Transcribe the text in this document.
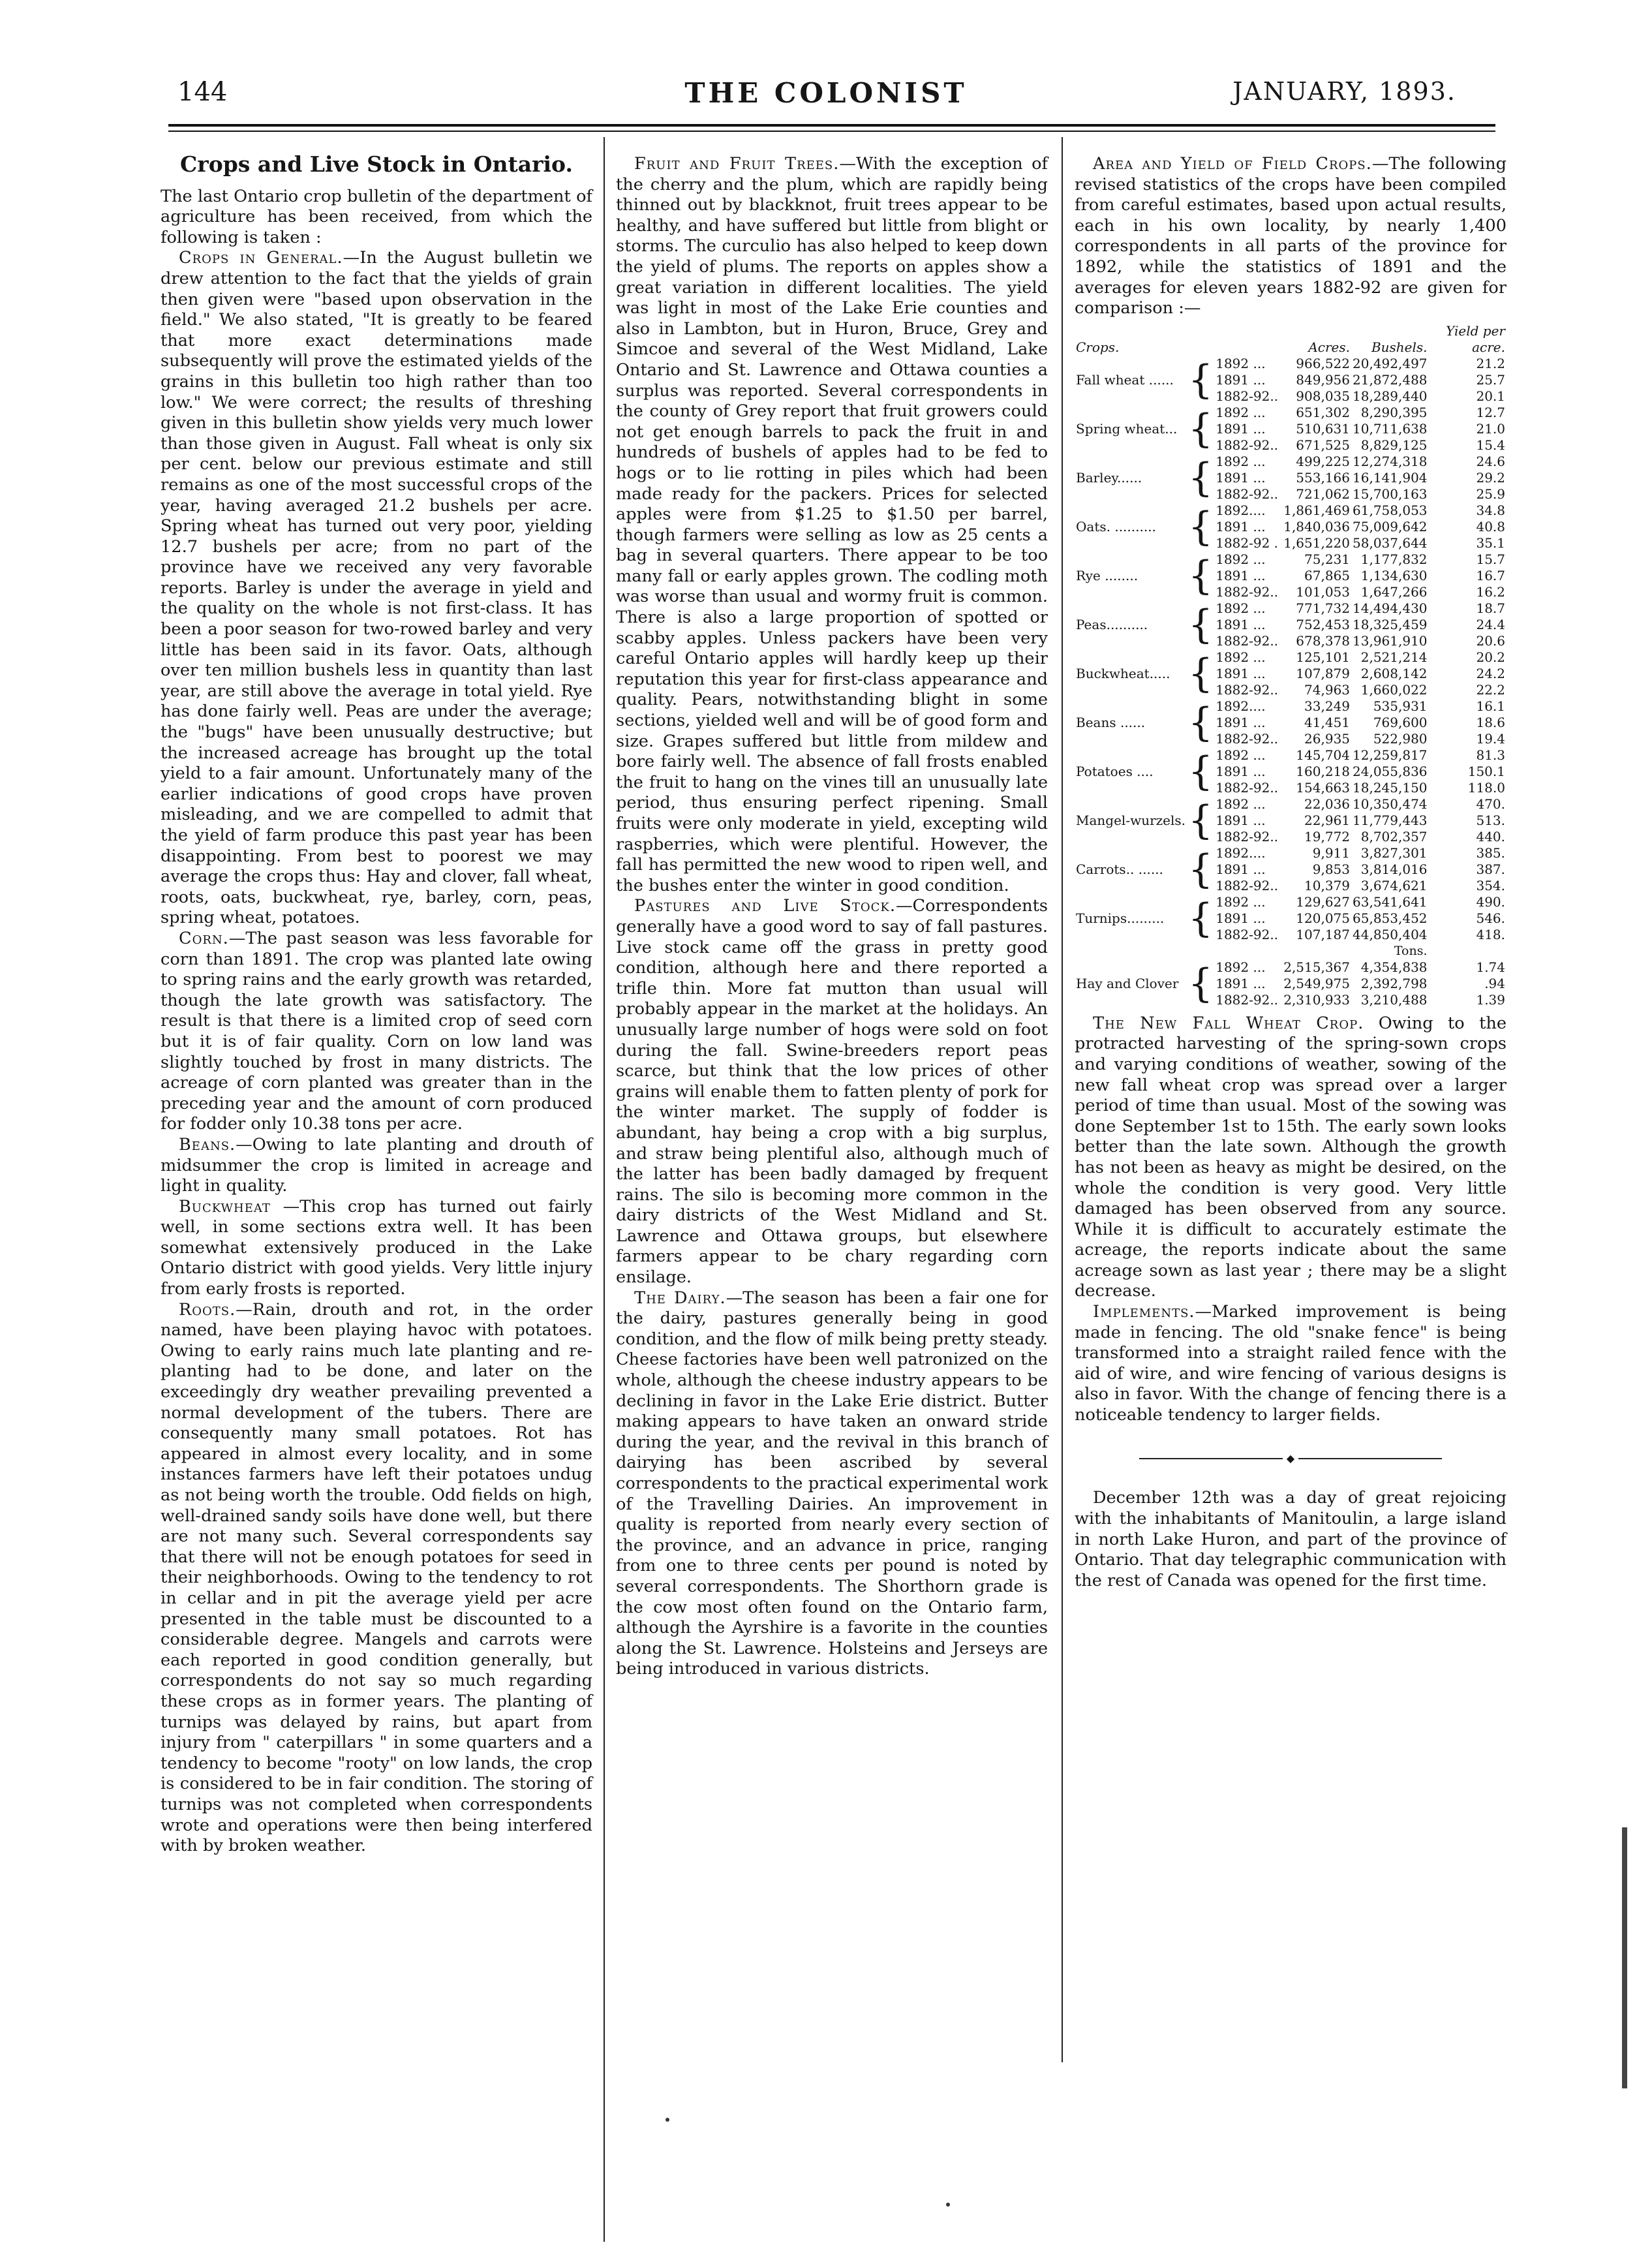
144	THE COLONIST	JANUARY, 1893.
Crops and Live Stock in Ontario.

The last Ontario crop bulletin of the department of agriculture has been received, from which the following is taken :

Crops in General.—In the August bulletin we drew attention to the fact that the yields of grain then given were "based upon observation in the field." We also stated, "It is greatly to be feared that more exact determinations made subsequently will prove the estimated yields of the grains in this bulletin too high rather than too low." We were correct; the results of threshing given in this bulletin show yields very much lower than those given in August. Fall wheat is only six per cent. below our previous estimate and still remains as one of the most successful crops of the year, having averaged 21.2 bushels per acre. Spring wheat has turned out very poor, yielding 12.7 bushels per acre; from no part of the province have we received any very favorable reports. Barley is under the average in yield and the quality on the whole is not first-class. It has been a poor season for two-rowed barley and very little has been said in its favor. Oats, although over ten million bushels less in quantity than last year, are still above the average in total yield. Rye has done fairly well. Peas are under the average; the "bugs" have been unusually destructive; but the increased acreage has brought up the total yield to a fair amount. Unfortunately many of the earlier indications of good crops have proven misleading, and we are compelled to admit that the yield of farm produce this past year has been disappointing. From best to poorest we may average the crops thus: Hay and clover, fall wheat, roots, oats, buckwheat, rye, barley, corn, peas, spring wheat, potatoes.

Corn.—The past season was less favorable for corn than 1891. The crop was planted late owing to spring rains and the early growth was retarded, though the late growth was satisfactory. The result is that there is a limited crop of seed corn but it is of fair quality. Corn on low land was slightly touched by frost in many districts. The acreage of corn planted was greater than in the preceding year and the amount of corn produced for fodder only 10.38 tons per acre.

Beans.—Owing to late planting and drouth of midsummer the crop is limited in acreage and light in quality.

Buckwheat —This crop has turned out fairly well, in some sections extra well. It has been somewhat extensively produced in the Lake Ontario district with good yields. Very little injury from early frosts is reported.

Roots.—Rain, drouth and rot, in the order named, have been playing havoc with potatoes. Owing to early rains much late planting and re-planting had to be done, and later on the exceedingly dry weather prevailing prevented a normal development of the tubers. There are consequently many small potatoes. Rot has appeared in almost every locality, and in some instances farmers have left their potatoes undug as not being worth the trouble. Odd fields on high, well-drained sandy soils have done well, but there are not many such. Several correspondents say that there will not be enough potatoes for seed in their neighborhoods. Owing to the tendency to rot in cellar and in pit the average yield per acre presented in the table must be discounted to a considerable degree. Mangels and carrots were each reported in good condition generally, but correspondents do not say so much regarding these crops as in former years. The planting of turnips was delayed by rains, but apart from injury from " caterpillars " in some quarters and a tendency to become "rooty" on low lands, the crop is considered to be in fair condition. The storing of turnips was not completed when correspondents wrote and operations were then being interfered with by broken weather.

Fruit and Fruit Trees.—With the exception of the cherry and the plum, which are rapidly being thinned out by blackknot, fruit trees appear to be healthy, and have suffered but little from blight or storms. The curculio has also helped to keep down the yield of plums. The reports on apples show a great variation in different localities. The yield was light in most of the Lake Erie counties and also in Lambton, but in Huron, Bruce, Grey and Simcoe and several of the West Midland, Lake Ontario and St. Lawrence and Ottawa counties a surplus was reported. Several correspondents in the county of Grey report that fruit growers could not get enough barrels to pack the fruit in and hundreds of bushels of apples had to be fed to hogs or to lie rotting in piles which had been made ready for the packers. Prices for selected apples were from $1.25 to $1.50 per barrel, though farmers were selling as low as 25 cents a bag in several quarters. There appear to be too many fall or early apples grown. The codling moth was worse than usual and wormy fruit is common. There is also a large proportion of spotted or scabby apples. Unless packers have been very careful Ontario apples will hardly keep up their reputation this year for first-class appearance and quality. Pears, notwithstanding blight in some sections, yielded well and will be of good form and size. Grapes suffered but little from mildew and bore fairly well. The absence of fall frosts enabled the fruit to hang on the vines till an unusually late period, thus ensuring perfect ripening. Small fruits were only moderate in yield, excepting wild raspberries, which were plentiful. However, the fall has permitted the new wood to ripen well, and the bushes enter the winter in good condition.

Pastures and Live Stock.—Correspondents generally have a good word to say of fall pastures. Live stock came off the grass in pretty good condition, although here and there reported a trifle thin. More fat mutton than usual will probably appear in the market at the holidays. An unusually large number of hogs were sold on foot during the fall. Swine-breeders report peas scarce, but think that the low prices of other grains will enable them to fatten plenty of pork for the winter market. The supply of fodder is abundant, hay being a crop with a big surplus, and straw being plentiful also, although much of the latter has been badly damaged by frequent rains. The silo is becoming more common in the dairy districts of the West Midland and St. Lawrence and Ottawa groups, but elsewhere farmers appear to be chary regarding corn ensilage.

The Dairy.—The season has been a fair one for the dairy, pastures generally being in good condition, and the flow of milk being pretty steady. Cheese factories have been well patronized on the whole, although the cheese industry appears to be declining in favor in the Lake Erie district. Butter making appears to have taken an onward stride during the year, and the revival in this branch of dairying has been ascribed by several correspondents to the practical experimental work of the Travelling Dairies. An improvement in quality is reported from nearly every section of the province, and an advance in price, ranging from one to three cents per pound is noted by several correspondents. The Shorthorn grade is the cow most often found on the Ontario farm, although the Ayrshire is a favorite in the counties along the St. Lawrence. Holsteins and Jerseys are being introduced in various districts.

Area and Yield of Field Crops.—The following revised statistics of the crops have been compiled from careful estimates, based upon actual results, each in his own locality, by nearly 1,400 correspondents in all parts of the province for 1892, while the statistics of 1891 and the averages for eleven years 1882-92 are given for comparison :—

Crops.			Acres.	Bushels.	Yield per acre.
Fall wheat ......	{	1892 ...	966,522	20,492,497	21.2
		1891 ...	849,956	21,872,488	25.7
		1882-92..	908,035	18,289,440	20.1
Spring wheat...	{	1892 ...	651,302	8,290,395	12.7
		1891 ...	510,631	10,711,638	21.0
		1882-92..	671,525	8,829,125	15.4
Barley......	{	1892 ...	499,225	12,274,318	24.6
		1891 ...	553,166	16,141,904	29.2
		1882-92..	721,062	15,700,163	25.9
Oats. ..........	{	1892....	1,861,469	61,758,053	34.8
		1891 ...	1,840,036	75,009,642	40.8
		1882-92 .	1,651,220	58,037,644	35.1
Rye ........	{	1892 ...	75,231	1,177,832	15.7
		1891 ...	67,865	1,134,630	16.7
		1882-92..	101,053	1,647,266	16.2
Peas..........	{	1892 ...	771,732	14,494,430	18.7
		1891 ...	752,453	18,325,459	24.4
		1882-92..	678,378	13,961,910	20.6
Buckwheat.....	{	1892 ...	125,101	2,521,214	20.2
		1891 ...	107,879	2,608,142	24.2
		1882-92..	74,963	1,660,022	22.2
Beans ......	{	1892....	33,249	535,931	16.1
		1891 ...	41,451	769,600	18.6
		1882-92..	26,935	522,980	19.4
Potatoes ....	{	1892 ...	145,704	12,259,817	81.3
		1891 ...	160,218	24,055,836	150.1
		1882-92..	154,663	18,245,150	118.0
Mangel-wurzels.	{	1892 ...	22,036	10,350,474	470.
		1891 ...	22,961	11,779,443	513.
		1882-92..	19,772	8,702,357	440.
Carrots.. ......	{	1892....	9,911	3,827,301	385.
		1891 ...	9,853	3,814,016	387.
		1882-92..	10,379	3,674,621	354.
Turnips.........	{	1892 ...	129,627	63,541,641	490.
		1891 ...	120,075	65,853,452	546.
		1882-92..	107,187	44,850,404	418.
Tons.					
Hay and Clover	{	1892 ...	2,515,367	4,354,838	1.74
		1891 ...	2,549,975	2,392,798	.94
		1882-92..	2,310,933	3,210,488	1.39

The New Fall Wheat Crop. Owing to the protracted harvesting of the spring-sown crops and varying conditions of weather, sowing of the new fall wheat crop was spread over a larger period of time than usual. Most of the sowing was done September 1st to 15th. The early sown looks better than the late sown. Although the growth has not been as heavy as might be desired, on the whole the condition is very good. Very little damaged has been observed from any source. While it is difficult to accurately estimate the acreage, the reports indicate about the same acreage sown as last year ; there may be a slight decrease.

Implements.—Marked improvement is being made in fencing. The old "snake fence" is being transformed into a straight railed fence with the aid of wire, and wire fencing of various designs is also in favor. With the change of fencing there is a noticeable tendency to larger fields.

◆

December 12th was a day of great rejoicing with the inhabitants of Manitoulin, a large island in north Lake Huron, and part of the province of Ontario. That day telegraphic communication with the rest of Canada was opened for the first time.
